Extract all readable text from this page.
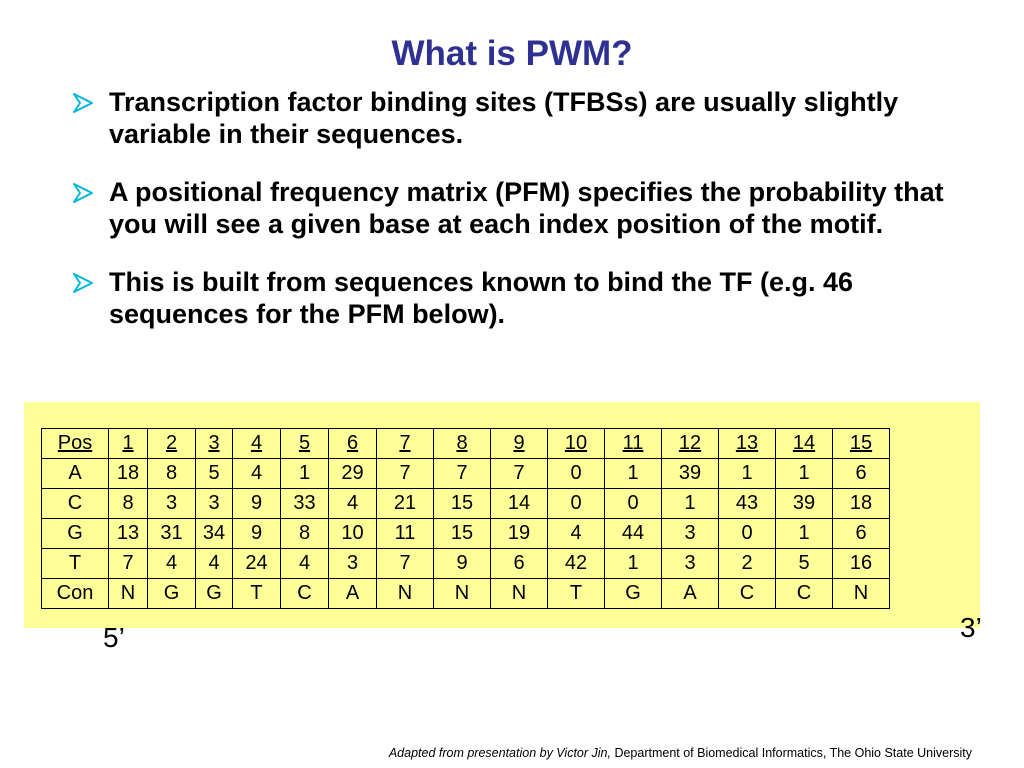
What is PWM?
Transcription factor binding sites (TFBSs) are usually slightly variable in their sequences.
A positional frequency matrix (PFM) specifies the probability that you will see a given base at each index position of the motif.
This is built from sequences known to bind the TF (e.g. 46 sequences for the PFM below).
Pos	1	2	3	4	5	6	7	8	9	10	11	12	13	14	15
A	18	8	5	4	1	29	7	7	7	0	1	39	1	1	6
C	8	3	3	9	33	4	21	15	14	0	0	1	43	39	18
G	13	31	34	9	8	10	11	15	19	4	44	3	0	1	6
T	7	4	4	24	4	3	7	9	6	42	1	3	2	5	16
Con	N	G	G	T	C	A	N	N	N	T	G	A	C	C	N
5’	3’
Adapted from presentation by Victor Jin, Department of Biomedical Informatics, The Ohio State University
